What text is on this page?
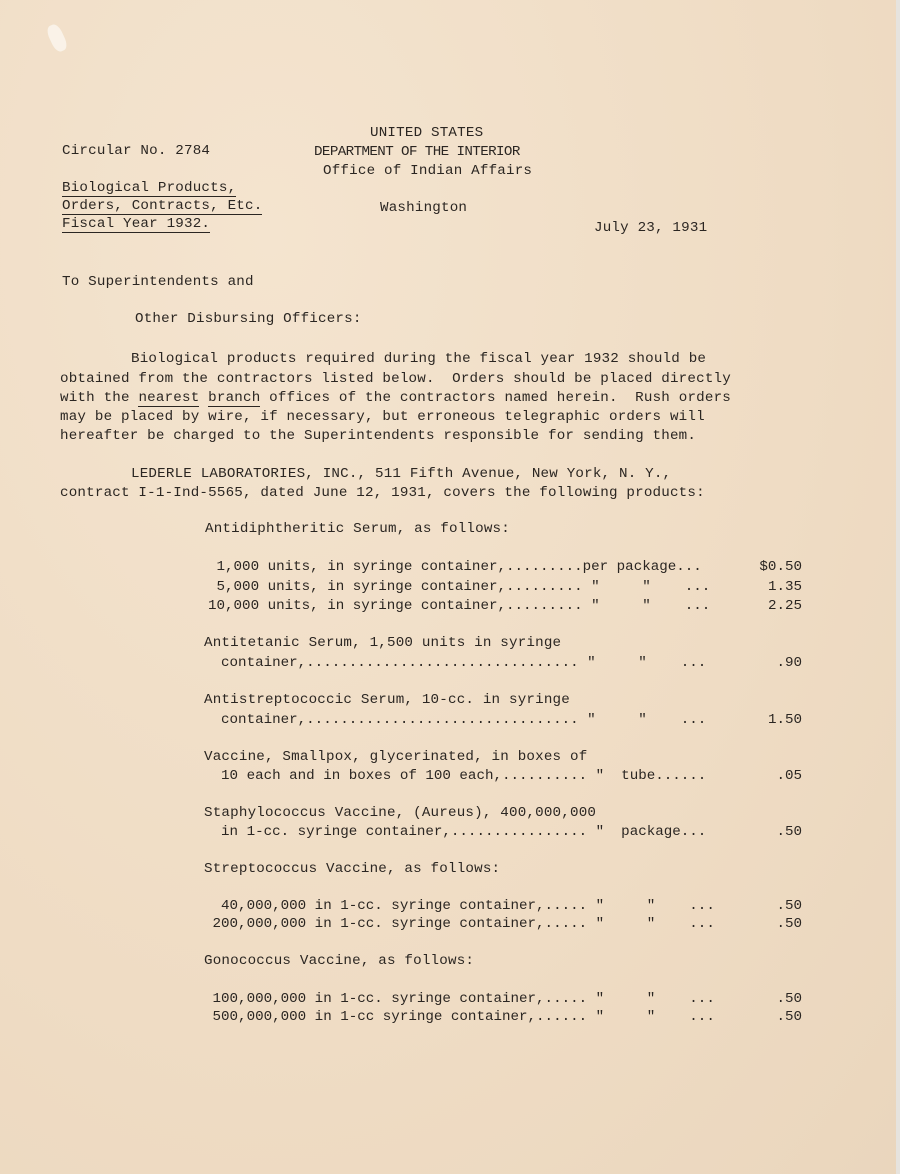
Circular No. 2784
Biological Products,
Orders, Contracts, Etc.
Fiscal Year 1932.
UNITED STATES
DEPARTMENT OF THE INTERIOR
Office of Indian Affairs
Washington
July 23, 1931
To Superintendents and
Other Disbursing Officers:
Biological products required during the fiscal year 1932 should be
obtained from the contractors listed below.  Orders should be placed directly
with the nearest branch offices of the contractors named herein.  Rush orders
may be placed by wire, if necessary, but erroneous telegraphic orders will
hereafter be charged to the Superintendents responsible for sending them.
LEDERLE LABORATORIES, INC., 511 Fifth Avenue, New York, N. Y.,
contract I-1-Ind-5565, dated June 12, 1931, covers the following products:
Antidiphtheritic Serum, as follows:
1,000 units, in syringe container,.........per package...	$0.50
5,000 units, in syringe container,......... "     "    ...	1.35
10,000 units, in syringe container,......... "     "    ...	2.25
Antitetanic Serum, 1,500 units in syringe
container,................................ "     "    ...	.90
Antistreptococcic Serum, 10-cc. in syringe
container,................................ "     "    ...	1.50
Vaccine, Smallpox, glycerinated, in boxes of
10 each and in boxes of 100 each,.......... "  tube......	.05
Staphylococcus Vaccine, (Aureus), 400,000,000
in 1-cc. syringe container,................ "  package...	.50
Streptococcus Vaccine, as follows:
40,000,000 in 1-cc. syringe container,..... "     "    ...	.50
200,000,000 in 1-cc. syringe container,..... "     "    ...	.50
Gonococcus Vaccine, as follows:
100,000,000 in 1-cc. syringe container,..... "     "    ...	.50
500,000,000 in 1-cc syringe container,...... "     "    ...	.50
